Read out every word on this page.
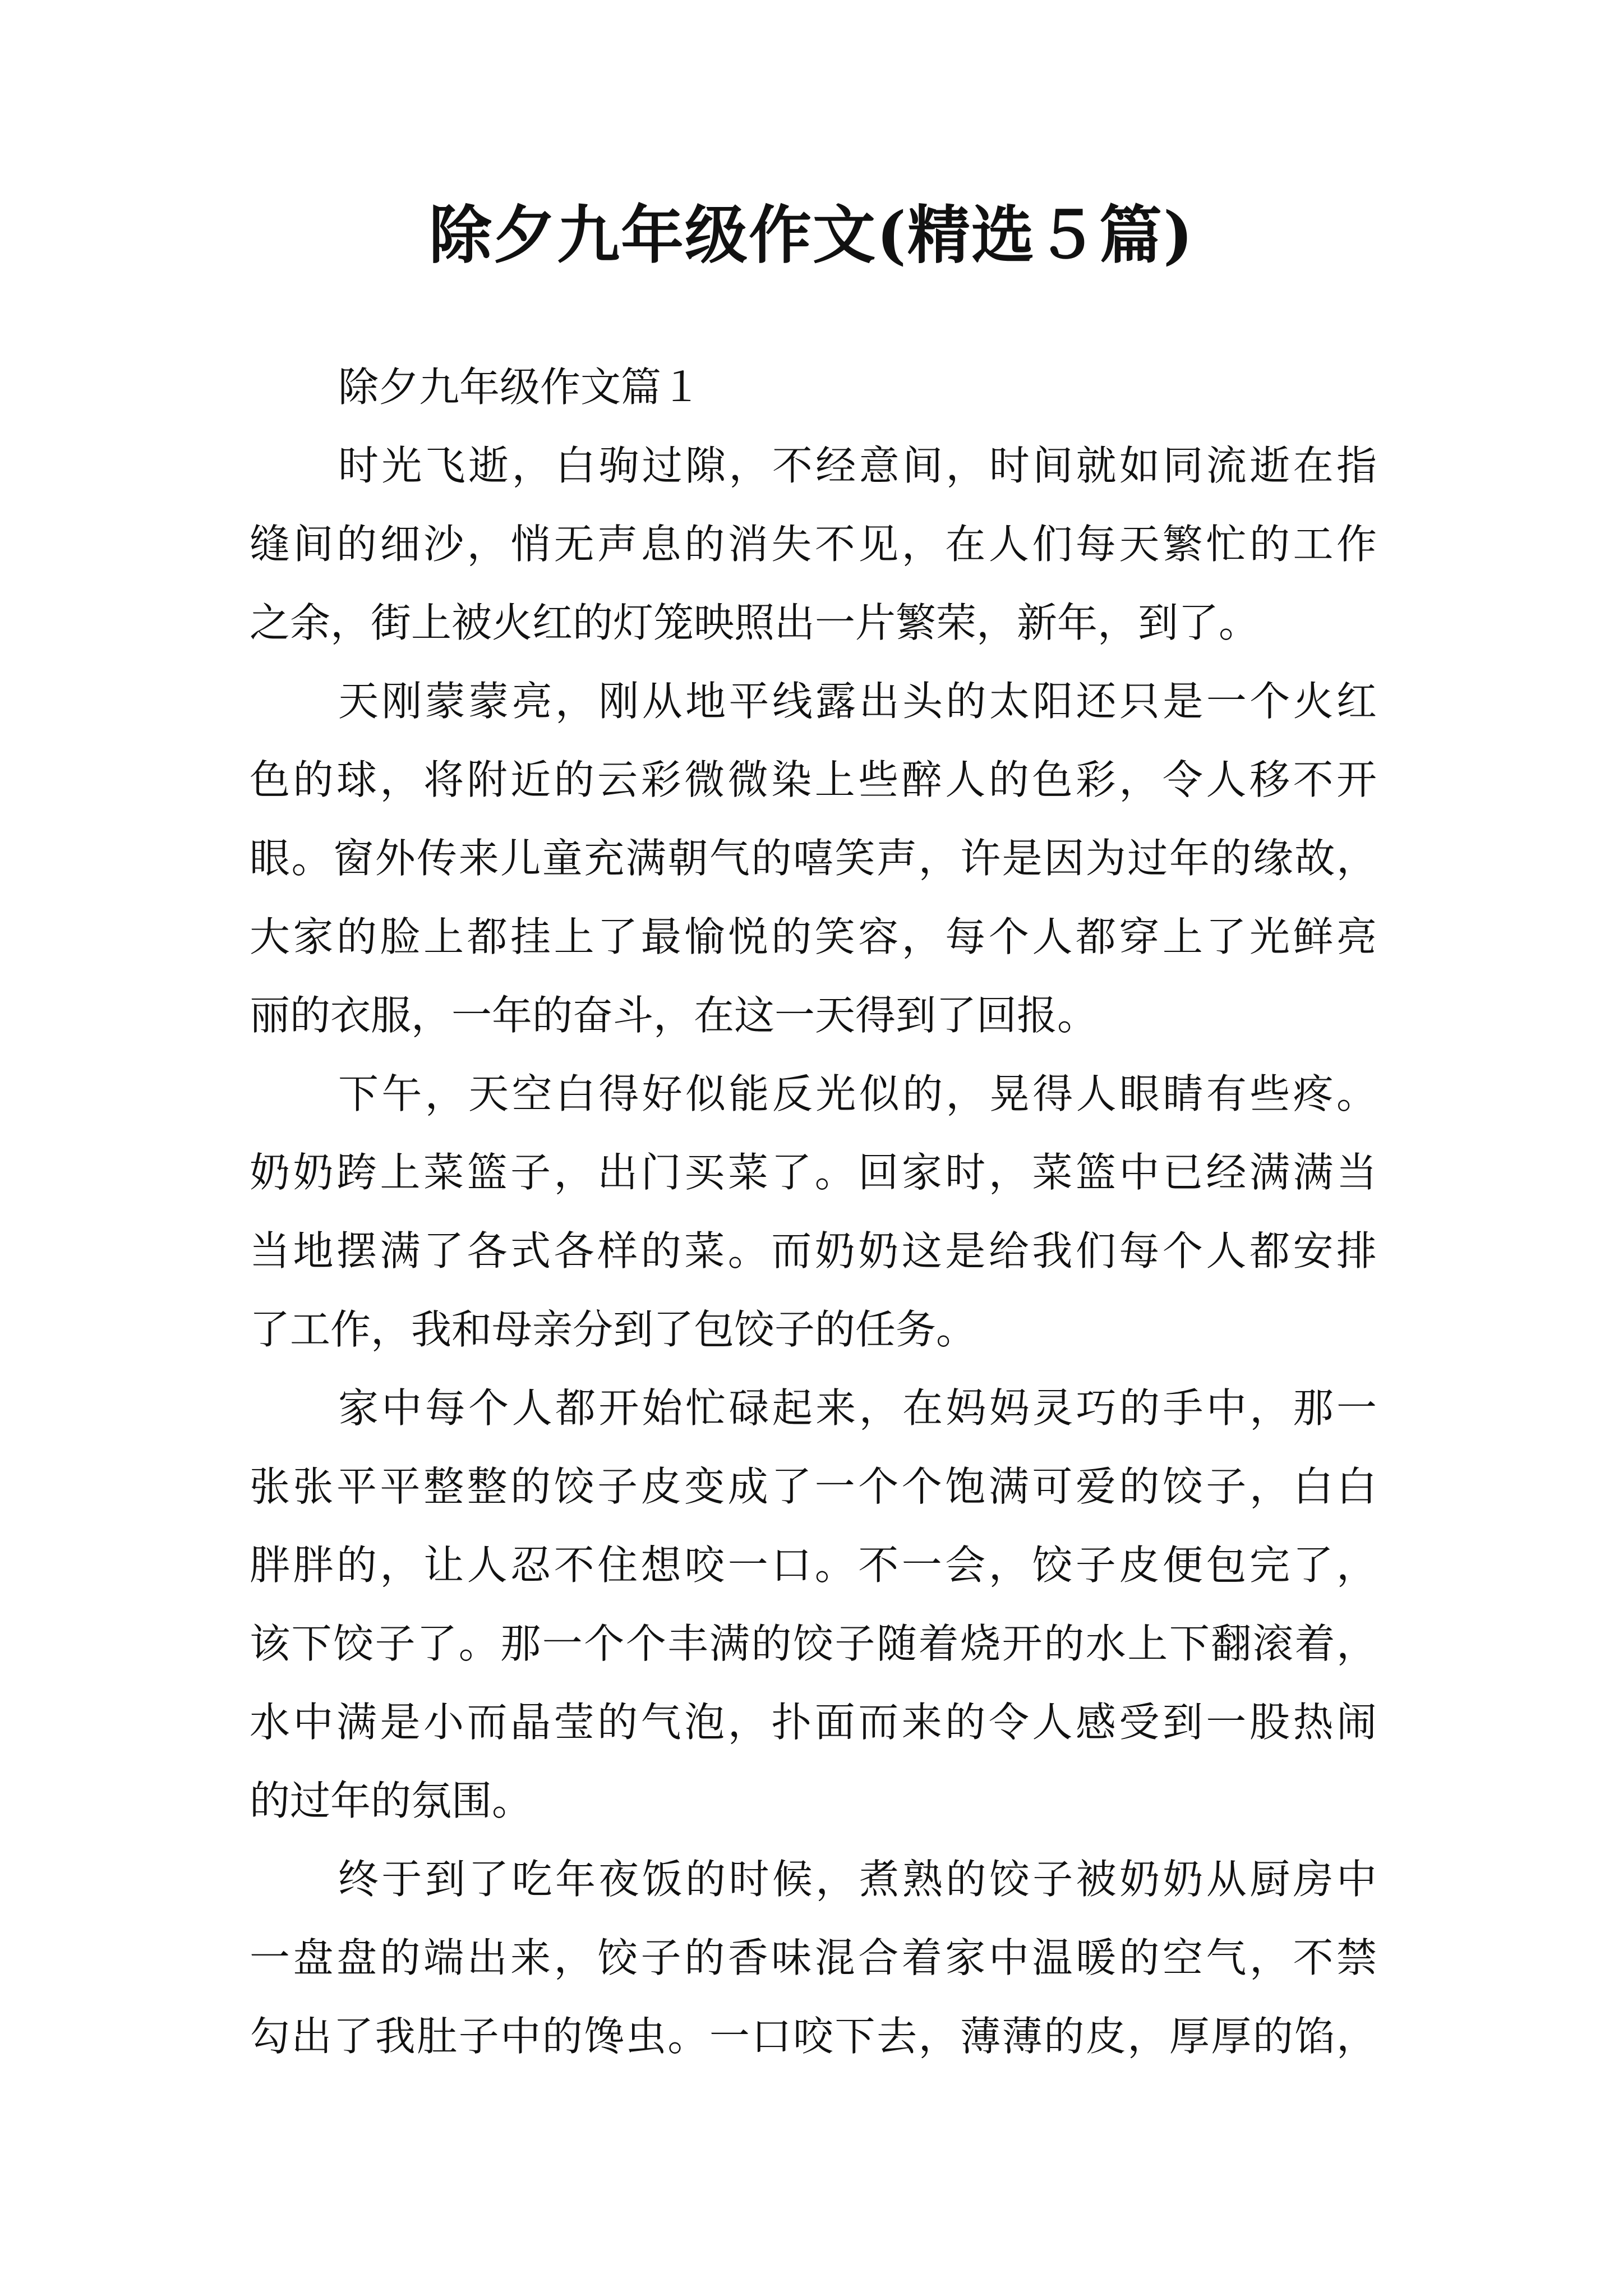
除夕九年级作文(精选５篇)

除夕九年级作文篇１

时光飞逝，白驹过隙，不经意间，时间就如同流逝在指
缝间的细沙，悄无声息的消失不见，在人们每天繁忙的工作
之余，街上被火红的灯笼映照出一片繁荣，新年，到了。
天刚蒙蒙亮，刚从地平线露出头的太阳还只是一个火红
色的球，将附近的云彩微微染上些醉人的色彩，令人移不开
眼。窗外传来儿童充满朝气的嘻笑声，许是因为过年的缘故，
大家的脸上都挂上了最愉悦的笑容，每个人都穿上了光鲜亮
丽的衣服，一年的奋斗，在这一天得到了回报。
下午，天空白得好似能反光似的，晃得人眼睛有些疼。
奶奶跨上菜篮子，出门买菜了。回家时，菜篮中已经满满当
当地摆满了各式各样的菜。而奶奶这是给我们每个人都安排
了工作，我和母亲分到了包饺子的任务。
家中每个人都开始忙碌起来，在妈妈灵巧的手中，那一
张张平平整整的饺子皮变成了一个个饱满可爱的饺子，白白
胖胖的，让人忍不住想咬一口。不一会，饺子皮便包完了，
该下饺子了。那一个个丰满的饺子随着烧开的水上下翻滚着，
水中满是小而晶莹的气泡，扑面而来的令人感受到一股热闹
的过年的氛围。
终于到了吃年夜饭的时候，煮熟的饺子被奶奶从厨房中
一盘盘的端出来，饺子的香味混合着家中温暖的空气，不禁
勾出了我肚子中的馋虫。一口咬下去，薄薄的皮，厚厚的馅，
